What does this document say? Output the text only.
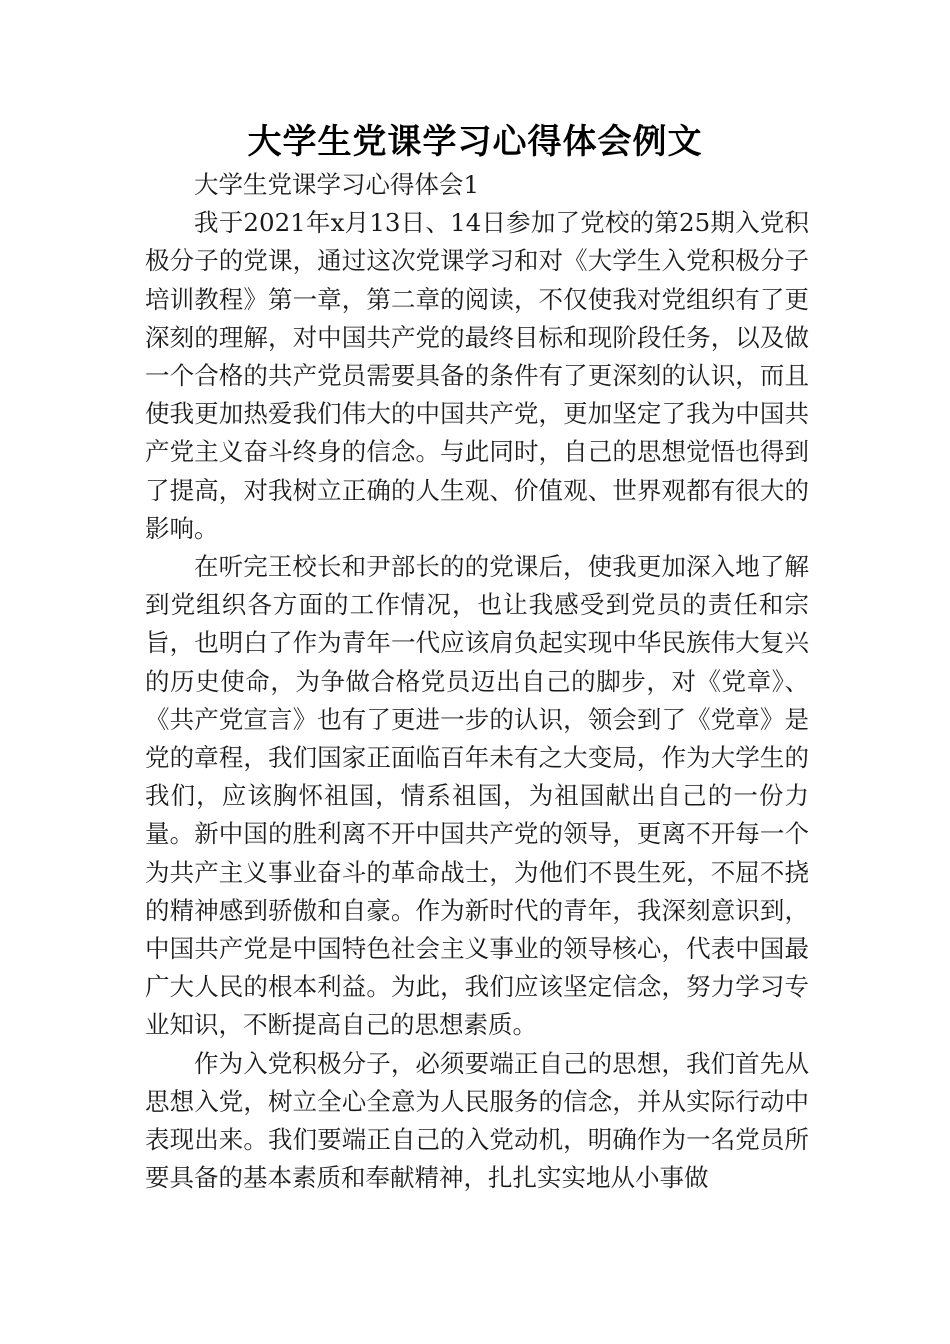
大学生党课学习心得体会例文

大学生党课学习心得体会1

我于2021年x月13日、14日参加了党校的第25期入党积极分子的党课，通过这次党课学习和对《大学生入党积极分子培训教程》第一章，第二章的阅读，不仅使我对党组织有了更深刻的理解，对中国共产党的最终目标和现阶段任务，以及做一个合格的共产党员需要具备的条件有了更深刻的认识，而且使我更加热爱我们伟大的中国共产党，更加坚定了我为中国共产党主义奋斗终身的信念。与此同时，自己的思想觉悟也得到了提高，对我树立正确的人生观、价值观、世界观都有很大的影响。

在听完王校长和尹部长的的党课后，使我更加深入地了解到党组织各方面的工作情况，也让我感受到党员的责任和宗旨，也明白了作为青年一代应该肩负起实现中华民族伟大复兴的历史使命，为争做合格党员迈出自己的脚步，对《党章》、《共产党宣言》也有了更进一步的认识，领会到了《党章》是党的章程，我们国家正面临百年未有之大变局，作为大学生的我们，应该胸怀祖国，情系祖国，为祖国献出自己的一份力量。新中国的胜利离不开中国共产党的领导，更离不开每一个为共产主义事业奋斗的革命战士，为他们不畏生死，不屈不挠的精神感到骄傲和自豪。作为新时代的青年，我深刻意识到，中国共产党是中国特色社会主义事业的领导核心，代表中国最广大人民的根本利益。为此，我们应该坚定信念，努力学习专业知识，不断提高自己的思想素质。

作为入党积极分子，必须要端正自己的思想，我们首先从思想入党，树立全心全意为人民服务的信念，并从实际行动中表现出来。我们要端正自己的入党动机，明确作为一名党员所要具备的基本素质和奉献精神，扎扎实实地从小事做
